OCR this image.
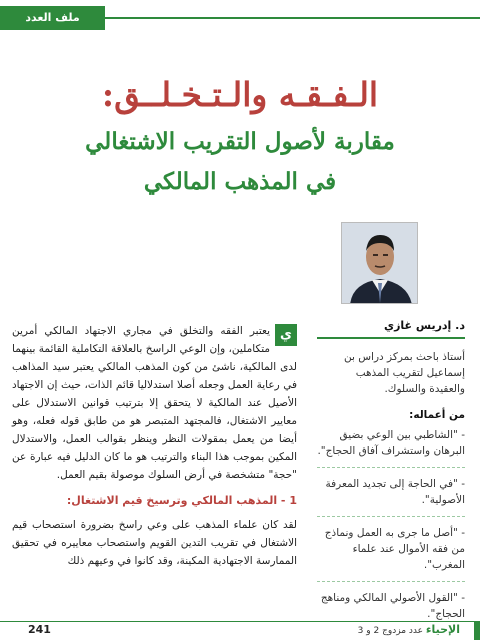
ملف العدد
الـفـقـه والـتـخـلــق:
مقاربة لأصول التقريب الاشتغالي
في المذهب المالكي
د. إدريس غازي
أستاذ باحث بمركز دراس بن إسماعيل لتقريب المذهب والعقيدة والسلوك.
من أعماله:
- "الشاطبي بين الوعي بضيق البرهان واستشراف آفاق الحجاج".
- "في الحاجة إلى تجديد المعرفة الأصولية".
- "أصل ما جرى به العمل ونماذج من فقه الأموال عند علماء المغرب".
- "القول الأصولي المالكي ومناهج الحجاج".

ي
يعتبر الفقه والتخلق في مجاري الاجتهاد المالكي أمرين متكاملين، وإن الوعي الراسخ بالعلاقة التكاملية القائمة بينهما لدى المالكية، ناشئ من كون المذهب المالكي يعتبر سيد المذاهب في رعاية العمل وجعله أصلا استدلاليا قائم الذات، حيث إن الاجتهاد الأصيل عند المالكية لا يتحقق إلا بترتيب قوانين الاستدلال على معايير الاشتغال، فالمجتهد المتبصر هو من طابق قوله فعله، وهو أيضا من يعمل بمقولات النظر وينظر بقوالب العمل، والاستدلال المكين بموجب هذا البناء والترتيب هو ما كان الدليل فيه عبارة عن "حجة" متشخصة في أرض السلوك موصولة بقيم العمل.

1 - المذهب المالكي وترسيخ قيم الاشتغال:

لقد كان علماء المذهب على وعي راسخ بضرورة استصحاب قيم الاشتغال في تقريب التدين القويم واستصحاب معاييره في تحقيق الممارسة الاجتهادية المكينة، وقد كانوا في وعيهم ذلك

241	الإحياء عدد مزدوج 2 و 3
